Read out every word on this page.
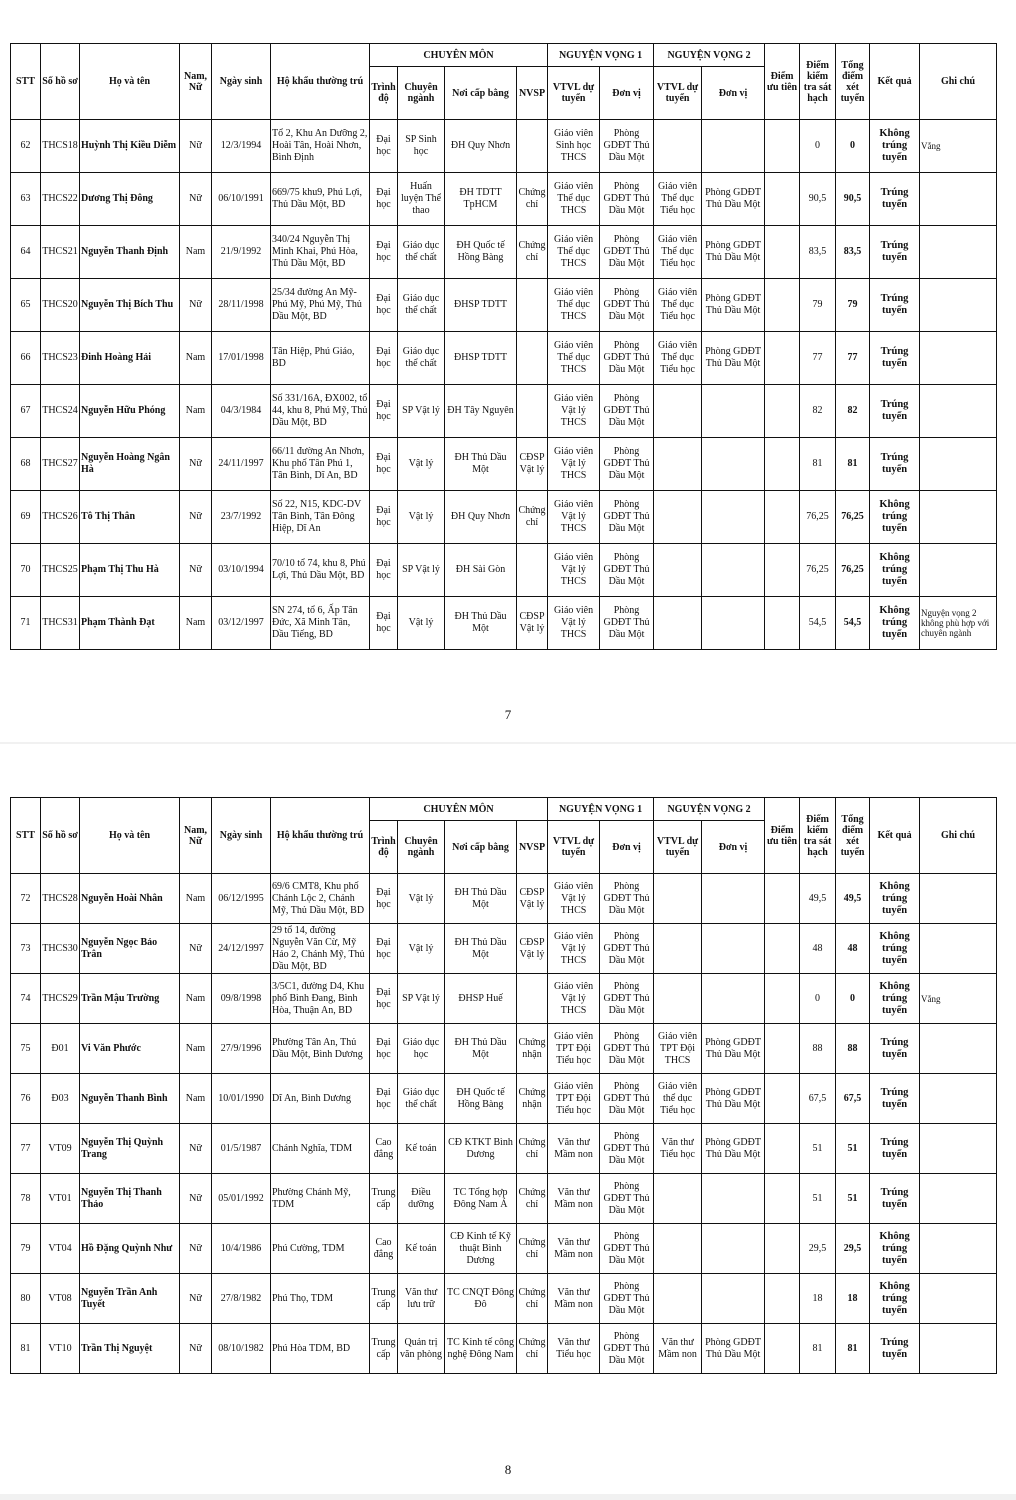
STT	Số hồ sơ	Họ và tên	Nam, Nữ	Ngày sinh	Hộ khẩu thường trú	CHUYÊN MÔN				NGUYỆN VỌNG 1		NGUYỆN VỌNG 2		Điểm ưu tiên	Điểm kiểm tra sát hạch	Tổng điểm xét tuyển	Kết quả	Ghi chú
						Trình độ	Chuyên ngành	Nơi cấp bằng	NVSP	VTVL dự tuyển	Đơn vị	VTVL dự tuyển	Đơn vị					
62	THCS18	Huỳnh Thị Kiều Diễm	Nữ	12/3/1994	Tổ 2, Khu An Dưỡng 2, Hoài Tân, Hoài Nhơn, Bình Định	Đại học	SP Sinh học	ĐH Quy Nhơn		Giáo viên Sinh học THCS	Phòng GDĐT Thủ Dầu Một				0	0	Không trúng tuyển	Vắng
63	THCS22	Dương Thị Đông	Nữ	06/10/1991	669/75 khu9, Phú Lợi, Thủ Dầu Một, BD	Đại học	Huấn luyện Thể thao	ĐH TDTT TpHCM	Chứng chỉ	Giáo viên Thể dục THCS	Phòng GDĐT Thủ Dầu Một	Giáo viên Thể dục Tiểu học	Phòng GDĐT Thủ Dầu Một		90,5	90,5	Trúng tuyển	
64	THCS21	Nguyễn Thanh Định	Nam	21/9/1992	340/24 Nguyễn Thị Minh Khai, Phú Hòa, Thủ Dầu Một, BD	Đại học	Giáo dục thể chất	ĐH Quốc tế Hồng Bàng	Chứng chỉ	Giáo viên Thể dục THCS	Phòng GDĐT Thủ Dầu Một	Giáo viên Thể dục Tiểu học	Phòng GDĐT Thủ Dầu Một		83,5	83,5	Trúng tuyển	
65	THCS20	Nguyễn Thị Bích Thu	Nữ	28/11/1998	25/34 đường An Mỹ-Phú Mỹ, Phú Mỹ, Thủ Dầu Một, BD	Đại học	Giáo dục thể chất	ĐHSP TDTT		Giáo viên Thể dục THCS	Phòng GDĐT Thủ Dầu Một	Giáo viên Thể dục Tiểu học	Phòng GDĐT Thủ Dầu Một		79	79	Trúng tuyển	
66	THCS23	Đinh Hoàng Hải	Nam	17/01/1998	Tân Hiệp, Phú Giáo, BD	Đại học	Giáo dục thể chất	ĐHSP TDTT		Giáo viên Thể dục THCS	Phòng GDĐT Thủ Dầu Một	Giáo viên Thể dục Tiểu học	Phòng GDĐT Thủ Dầu Một		77	77	Trúng tuyển	
67	THCS24	Nguyễn Hữu Phóng	Nam	04/3/1984	Số 331/16A, ĐX002, tổ 44, khu 8, Phú Mỹ, Thủ Dầu Một, BD	Đại học	SP Vật lý	ĐH Tây Nguyên		Giáo viên Vật lý THCS	Phòng GDĐT Thủ Dầu Một				82	82	Trúng tuyển	
68	THCS27	Nguyễn Hoàng Ngân Hà	Nữ	24/11/1997	66/11 đường An Nhơn, Khu phố Tân Phú 1, Tân Bình, Dĩ An, BD	Đại học	Vật lý	ĐH Thủ Dầu Một	CĐSP Vật lý	Giáo viên Vật lý THCS	Phòng GDĐT Thủ Dầu Một				81	81	Trúng tuyển	
69	THCS26	Tô Thị Thân	Nữ	23/7/1992	Số 22, N15, KDC-DV Tân Bình, Tân Đông Hiệp, Dĩ An	Đại học	Vật lý	ĐH Quy Nhơn	Chứng chỉ	Giáo viên Vật lý THCS	Phòng GDĐT Thủ Dầu Một				76,25	76,25	Không trúng tuyển	
70	THCS25	Phạm Thị Thu Hà	Nữ	03/10/1994	70/10 tổ 74, khu 8, Phú Lợi, Thủ Dầu Một, BD	Đại học	SP Vật lý	ĐH Sài Gòn		Giáo viên Vật lý THCS	Phòng GDĐT Thủ Dầu Một				76,25	76,25	Không trúng tuyển	
71	THCS31	Phạm Thành Đạt	Nam	03/12/1997	SN 274, tổ 6, Ấp Tân Đức, Xã Minh Tân, Dầu Tiếng, BD	Đại học	Vật lý	ĐH Thủ Dầu Một	CĐSP Vật lý	Giáo viên Vật lý THCS	Phòng GDĐT Thủ Dầu Một				54,5	54,5	Không trúng tuyển	Nguyện vọng 2 không phù hợp với chuyên ngành
7
STT	Số hồ sơ	Họ và tên	Nam, Nữ	Ngày sinh	Hộ khẩu thường trú	CHUYÊN MÔN				NGUYỆN VỌNG 1		NGUYỆN VỌNG 2		Điểm ưu tiên	Điểm kiểm tra sát hạch	Tổng điểm xét tuyển	Kết quả	Ghi chú
						Trình độ	Chuyên ngành	Nơi cấp bằng	NVSP	VTVL dự tuyển	Đơn vị	VTVL dự tuyển	Đơn vị					
72	THCS28	Nguyễn Hoài Nhân	Nam	06/12/1995	69/6 CMT8, Khu phố Chánh Lộc 2, Chánh Mỹ, Thủ Dầu Một, BD	Đại học	Vật lý	ĐH Thủ Dầu Một	CĐSP Vật lý	Giáo viên Vật lý THCS	Phòng GDĐT Thủ Dầu Một				49,5	49,5	Không trúng tuyển	
73	THCS30	Nguyễn Ngọc Bảo Trân	Nữ	24/12/1997	29 tổ 14, đường Nguyễn Văn Cừ, Mỹ Hảo 2, Chánh Mỹ, Thủ Dầu Một, BD	Đại học	Vật lý	ĐH Thủ Dầu Một	CĐSP Vật lý	Giáo viên Vật lý THCS	Phòng GDĐT Thủ Dầu Một				48	48	Không trúng tuyển	
74	THCS29	Trần Mậu Trường	Nam	09/8/1998	3/5C1, đường D4, Khu phố Bình Đang, Bình Hòa, Thuận An, BD	Đại học	SP Vật lý	ĐHSP Huế		Giáo viên Vật lý THCS	Phòng GDĐT Thủ Dầu Một				0	0	Không trúng tuyển	Vắng
75	Đ01	Vi Văn Phước	Nam	27/9/1996	Phường Tân An, Thủ Dầu Một, Bình Dương	Đại học	Giáo dục học	ĐH Thủ Dầu Một	Chứng nhận	Giáo viên TPT Đội Tiểu học	Phòng GDĐT Thủ Dầu Một	Giáo viên TPT Đội THCS	Phòng GDĐT Thủ Dầu Một		88	88	Trúng tuyển	
76	Đ03	Nguyễn Thanh Bình	Nam	10/01/1990	Dĩ An, Bình Dương	Đại học	Giáo dục thể chất	ĐH Quốc tế Hồng Bàng	Chứng nhận	Giáo viên TPT Đội Tiểu học	Phòng GDĐT Thủ Dầu Một	Giáo viên thể dục Tiểu học	Phòng GDĐT Thủ Dầu Một		67,5	67,5	Trúng tuyển	
77	VT09	Nguyễn Thị Quỳnh Trang	Nữ	01/5/1987	Chánh Nghĩa, TDM	Cao đẳng	Kế toán	CĐ KTKT Bình Dương	Chứng chỉ	Văn thư Mầm non	Phòng GDĐT Thủ Dầu Một	Văn thư Tiểu học	Phòng GDĐT Thủ Dầu Một		51	51	Trúng tuyển	
78	VT01	Nguyễn Thị Thanh Thảo	Nữ	05/01/1992	Phường Chánh Mỹ, TDM	Trung cấp	Điều dưỡng	TC Tổng hợp Đông Nam Á	Chứng chỉ	Văn thư Mầm non	Phòng GDĐT Thủ Dầu Một				51	51	Trúng tuyển	
79	VT04	Hồ Đặng Quỳnh Như	Nữ	10/4/1986	Phú Cường, TDM	Cao đẳng	Kế toán	CĐ Kinh tế Kỹ thuật Bình Dương	Chứng chỉ	Văn thư Mầm non	Phòng GDĐT Thủ Dầu Một				29,5	29,5	Không trúng tuyển	
80	VT08	Nguyễn Trần Anh Tuyết	Nữ	27/8/1982	Phú Thọ, TDM	Trung cấp	Văn thư lưu trữ	TC CNQT Đông Đô	Chứng chỉ	Văn thư Mầm non	Phòng GDĐT Thủ Dầu Một				18	18	Không trúng tuyển	
81	VT10	Trần Thị Nguyệt	Nữ	08/10/1982	Phú Hòa TDM, BD	Trung cấp	Quản trị văn phòng	TC Kinh tế công nghệ Đông Nam	Chứng chỉ	Văn thư Tiểu học	Phòng GDĐT Thủ Dầu Một	Văn thư Mầm non	Phòng GDĐT Thủ Dầu Một		81	81	Trúng tuyển	
8
